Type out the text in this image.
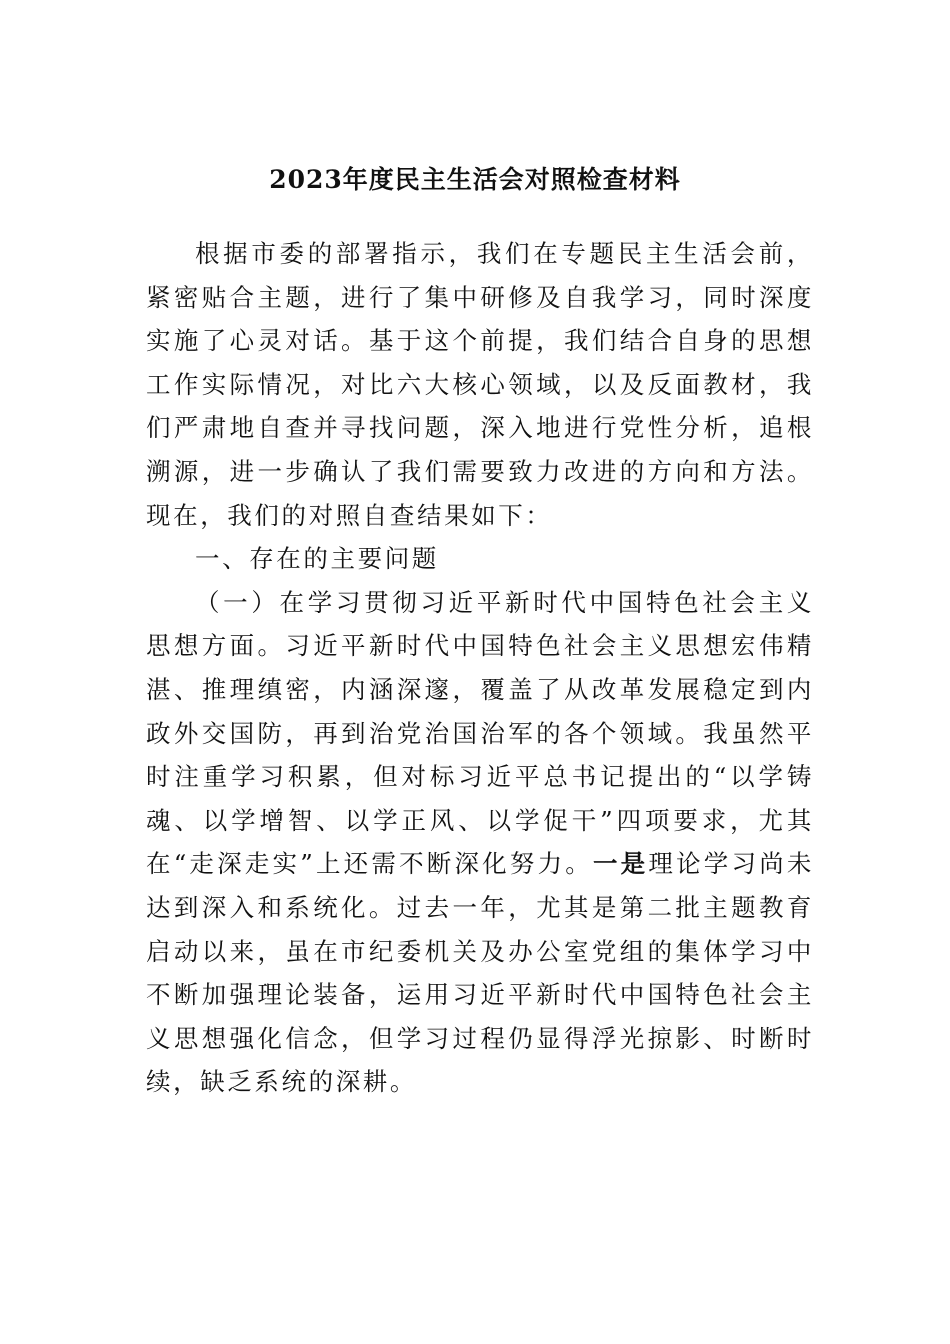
2023年度民主生活会对照检查材料

根据市委的部署指示，我们在专题民主生活会前，紧密贴合主题，进行了集中研修及自我学习，同时深度实施了心灵对话。基于这个前提，我们结合自身的思想工作实际情况，对比六大核心领域，以及反面教材，我们严肃地自查并寻找问题，深入地进行党性分析，追根溯源，进一步确认了我们需要致力改进的方向和方法。现在，我们的对照自查结果如下：

一、存在的主要问题

（一）在学习贯彻习近平新时代中国特色社会主义思想方面。习近平新时代中国特色社会主义思想宏伟精湛、推理缜密，内涵深邃，覆盖了从改革发展稳定到内政外交国防，再到治党治国治军的各个领域。我虽然平时注重学习积累，但对标习近平总书记提出的“以学铸魂、以学增智、以学正风、以学促干”四项要求，尤其在“走深走实”上还需不断深化努力。一是理论学习尚未达到深入和系统化。过去一年，尤其是第二批主题教育启动以来，虽在市纪委机关及办公室党组的集体学习中不断加强理论装备，运用习近平新时代中国特色社会主义思想强化信念，但学习过程仍显得浮光掠影、时断时续，缺乏系统的深耕。
